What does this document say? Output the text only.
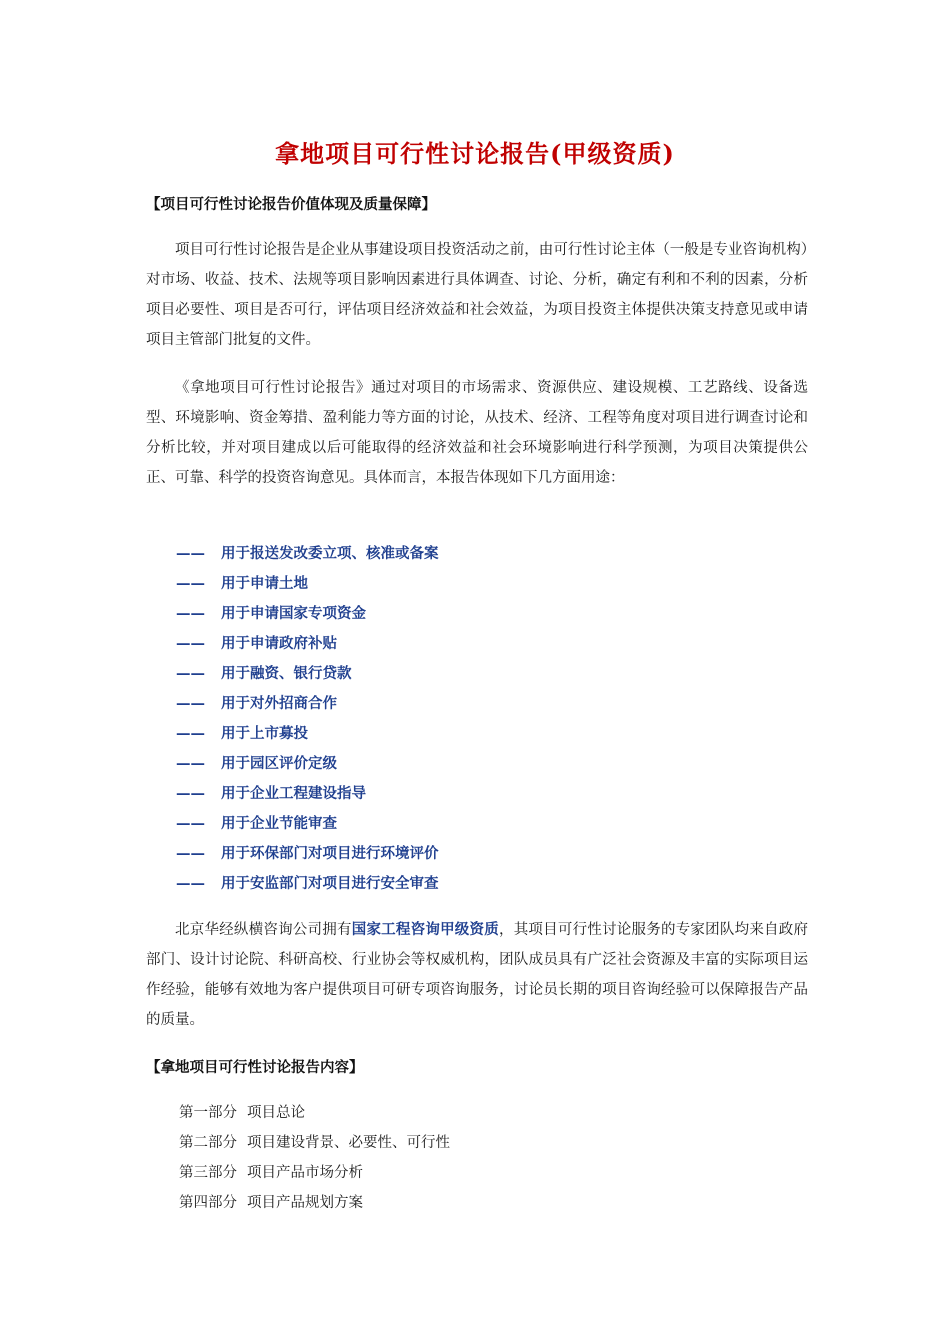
拿地项目可行性讨论报告(甲级资质)
【项目可行性讨论报告价值体现及质量保障】

项目可行性讨论报告是企业从事建设项目投资活动之前，由可行性讨论主体（一般是专业咨询机构）对市场、收益、技术、法规等项目影响因素进行具体调查、讨论、分析，确定有利和不利的因素，分析项目必要性、项目是否可行，评估项目经济效益和社会效益，为项目投资主体提供决策支持意见或申请项目主管部门批复的文件。

《拿地项目可行性讨论报告》通过对项目的市场需求、资源供应、建设规模、工艺路线、设备选型、环境影响、资金筹措、盈利能力等方面的讨论，从技术、经济、工程等角度对项目进行调查讨论和分析比较，并对项目建成以后可能取得的经济效益和社会环境影响进行科学预测，为项目决策提供公正、可靠、科学的投资咨询意见。具体而言，本报告体现如下几方面用途：

—— 用于报送发改委立项、核准或备案
—— 用于申请土地
—— 用于申请国家专项资金
—— 用于申请政府补贴
—— 用于融资、银行贷款
—— 用于对外招商合作
—— 用于上市募投
—— 用于园区评价定级
—— 用于企业工程建设指导
—— 用于企业节能审查
—— 用于环保部门对项目进行环境评价
—— 用于安监部门对项目进行安全审查

北京华经纵横咨询公司拥有国家工程咨询甲级资质，其项目可行性讨论服务的专家团队均来自政府部门、设计讨论院、科研高校、行业协会等权威机构，团队成员具有广泛社会资源及丰富的实际项目运作经验，能够有效地为客户提供项目可研专项咨询服务，讨论员长期的项目咨询经验可以保障报告产品的质量。

【拿地项目可行性讨论报告内容】
第一部分 项目总论
第二部分 项目建设背景、必要性、可行性
第三部分 项目产品市场分析
第四部分 项目产品规划方案
